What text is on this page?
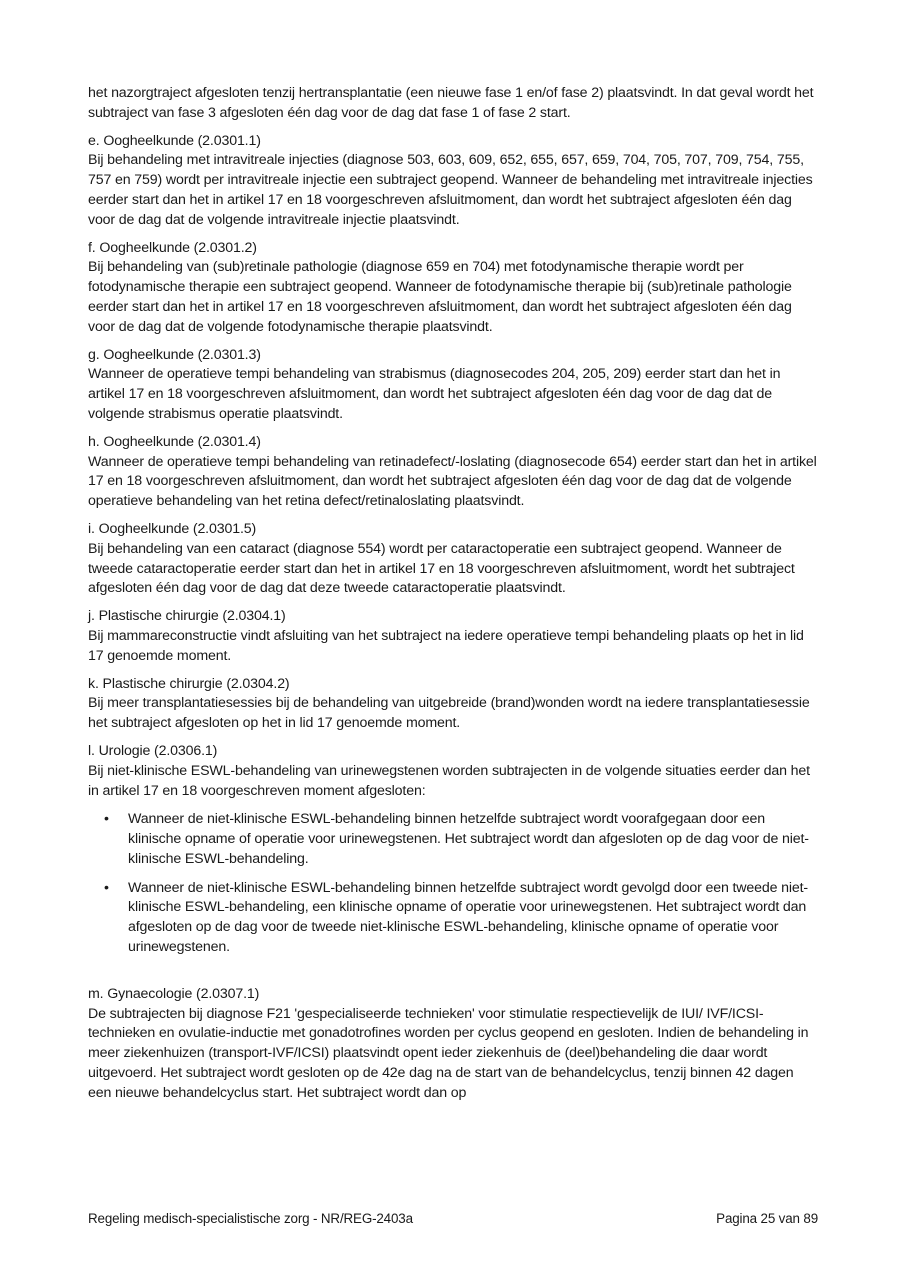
het nazorgtraject afgesloten tenzij hertransplantatie (een nieuwe fase 1 en/of fase 2) plaatsvindt. In dat geval wordt het subtraject van fase 3 afgesloten één dag voor de dag dat fase 1 of fase 2 start.

e. Oogheelkunde (2.0301.1)

Bij behandeling met intravitreale injecties (diagnose 503, 603, 609, 652, 655, 657, 659, 704, 705, 707, 709, 754, 755, 757 en 759) wordt per intravitreale injectie een subtraject geopend. Wanneer de behandeling met intravitreale injecties eerder start dan het in artikel 17 en 18 voorgeschreven afsluitmoment, dan wordt het subtraject afgesloten één dag voor de dag dat de volgende intravitreale injectie plaatsvindt.

f. Oogheelkunde (2.0301.2)

Bij behandeling van (sub)retinale pathologie (diagnose 659 en 704) met fotodynamische therapie wordt per fotodynamische therapie een subtraject geopend. Wanneer de fotodynamische therapie bij (sub)retinale pathologie eerder start dan het in artikel 17 en 18 voorgeschreven afsluitmoment, dan wordt het subtraject afgesloten één dag voor de dag dat de volgende fotodynamische therapie plaatsvindt.

g. Oogheelkunde (2.0301.3)

Wanneer de operatieve tempi behandeling van strabismus (diagnosecodes 204, 205, 209) eerder start dan het in artikel 17 en 18 voorgeschreven afsluitmoment, dan wordt het subtraject afgesloten één dag voor de dag dat de volgende strabismus operatie plaatsvindt.

h. Oogheelkunde (2.0301.4)

Wanneer de operatieve tempi behandeling van retinadefect/-loslating (diagnosecode 654) eerder start dan het in artikel 17 en 18 voorgeschreven afsluitmoment, dan wordt het subtraject afgesloten één dag voor de dag dat de volgende operatieve behandeling van het retina defect/retinaloslating plaatsvindt.

i. Oogheelkunde (2.0301.5)

Bij behandeling van een cataract (diagnose 554) wordt per cataractoperatie een subtraject geopend. Wanneer de tweede cataractoperatie eerder start dan het in artikel 17 en 18 voorgeschreven afsluitmoment, wordt het subtraject afgesloten één dag voor de dag dat deze tweede cataractoperatie plaatsvindt.

j. Plastische chirurgie (2.0304.1)

Bij mammareconstructie vindt afsluiting van het subtraject na iedere operatieve tempi behandeling plaats op het in lid 17 genoemde moment.

k. Plastische chirurgie (2.0304.2)

Bij meer transplantatiesessies bij de behandeling van uitgebreide (brand)wonden wordt na iedere transplantatiesessie het subtraject afgesloten op het in lid 17 genoemde moment.

l. Urologie (2.0306.1)

Bij niet-klinische ESWL-behandeling van urinewegstenen worden subtrajecten in de volgende situaties eerder dan het in artikel 17 en 18 voorgeschreven moment afgesloten:

• Wanneer de niet-klinische ESWL-behandeling binnen hetzelfde subtraject wordt voorafgegaan door een klinische opname of operatie voor urinewegstenen. Het subtraject wordt dan afgesloten op de dag voor de niet-klinische ESWL-behandeling.
• Wanneer de niet-klinische ESWL-behandeling binnen hetzelfde subtraject wordt gevolgd door een tweede niet-klinische ESWL-behandeling, een klinische opname of operatie voor urinewegstenen. Het subtraject wordt dan afgesloten op de dag voor de tweede niet-klinische ESWL-behandeling, klinische opname of operatie voor urinewegstenen.

m. Gynaecologie (2.0307.1)

De subtrajecten bij diagnose F21 'gespecialiseerde technieken' voor stimulatie respectievelijk de IUI/ IVF/ICSI-technieken en ovulatie-inductie met gonadotrofines worden per cyclus geopend en gesloten. Indien de behandeling in meer ziekenhuizen (transport-IVF/ICSI) plaatsvindt opent ieder ziekenhuis de (deel)behandeling die daar wordt uitgevoerd. Het subtraject wordt gesloten op de 42e dag na de start van de behandelcyclus, tenzij binnen 42 dagen een nieuwe behandelcyclus start. Het subtraject wordt dan op

Regeling medisch-specialistische zorg - NR/REG-2403a	Pagina 25 van 89
